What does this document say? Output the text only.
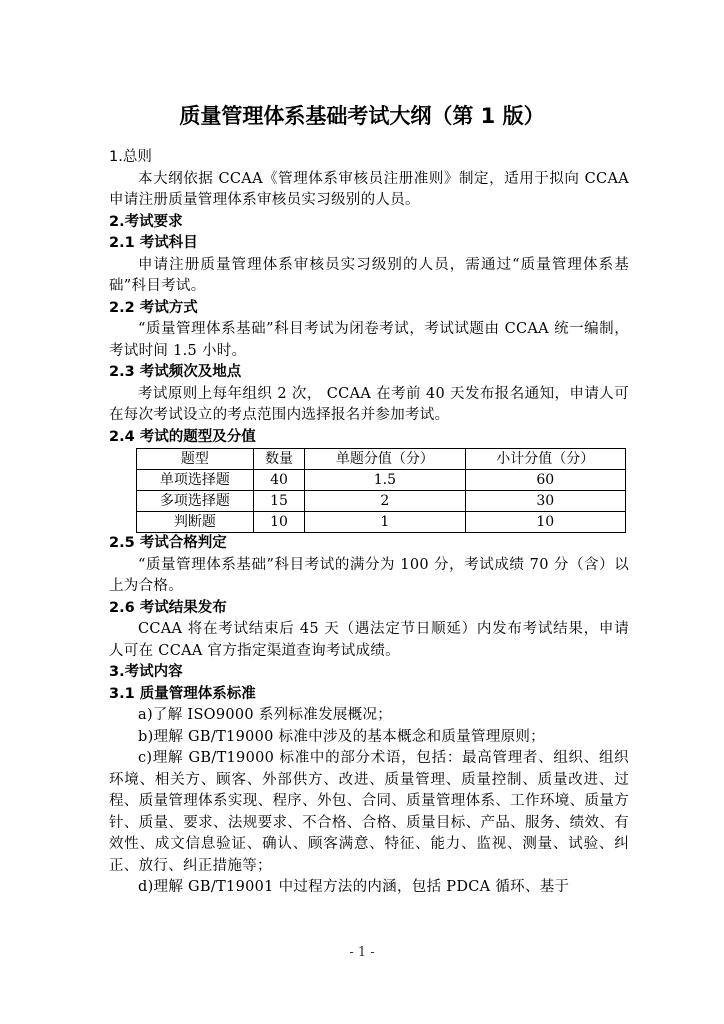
质量管理体系基础考试大纲（第 1 版）
1.总则
本大纲依据 CCAA《管理体系审核员注册准则》制定，适用于拟向 CCAA 申请注册质量管理体系审核员实习级别的人员。
2.考试要求
2.1 考试科目
申请注册质量管理体系审核员实习级别的人员，需通过“质量管理体系基础”科目考试。
2.2 考试方式
“质量管理体系基础”科目考试为闭卷考试，考试试题由 CCAA 统一编制，考试时间 1.5 小时。
2.3 考试频次及地点
考试原则上每年组织 2 次， CCAA 在考前 40 天发布报名通知，申请人可在每次考试设立的考点范围内选择报名并参加考试。
2.4 考试的题型及分值
题型	数量	单题分值（分）	小计分值（分）
单项选择题	40	1.5	60
多项选择题	15	2	30
判断题	10	1	10
2.5 考试合格判定
“质量管理体系基础”科目考试的满分为 100 分，考试成绩 70 分（含）以上为合格。
2.6 考试结果发布
CCAA 将在考试结束后 45 天（遇法定节日顺延）内发布考试结果，申请人可在 CCAA 官方指定渠道查询考试成绩。
3.考试内容
3.1 质量管理体系标准
a)了解 ISO9000 系列标准发展概况；
b)理解 GB/T19000 标准中涉及的基本概念和质量管理原则；
c)理解 GB/T19000 标准中的部分术语，包括：最高管理者、组织、组织环境、相关方、顾客、外部供方、改进、质量管理、质量控制、质量改进、过程、质量管理体系实现、程序、外包、合同、质量管理体系、工作环境、质量方针、质量、要求、法规要求、不合格、合格、质量目标、产品、服务、绩效、有效性、成文信息验证、确认、顾客满意、特征、能力、监视、测量、试验、纠正、放行、纠正措施等；
d)理解 GB/T19001 中过程方法的内涵，包括 PDCA 循环、基于
- 1 -
